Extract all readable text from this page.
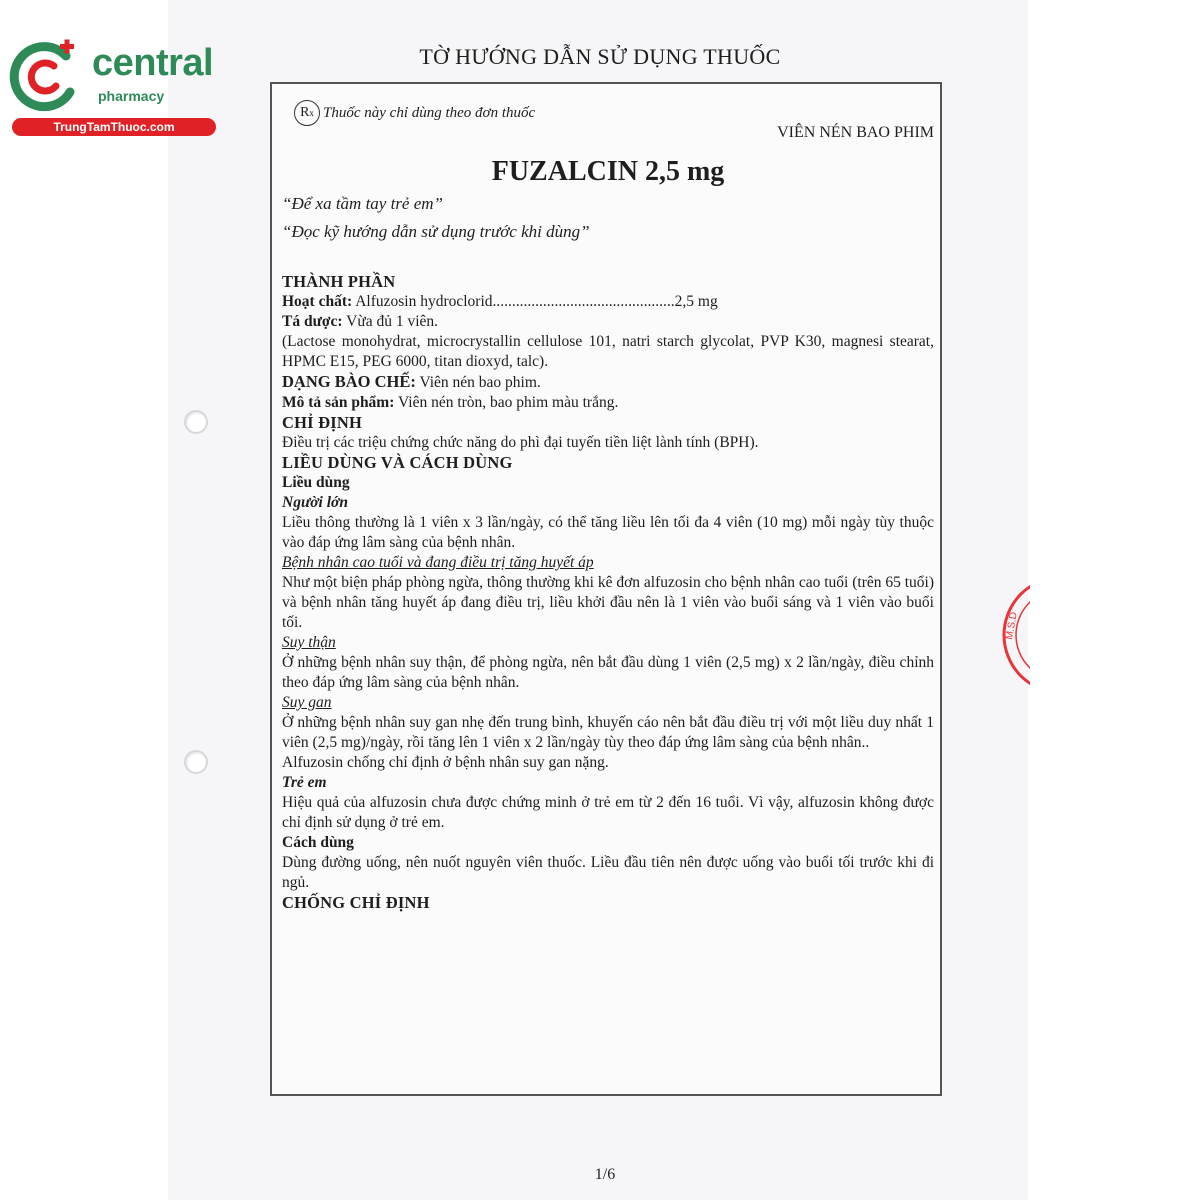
central
pharmacy
TrungTamThuoc.com
TỜ HƯỚNG DẪN SỬ DỤNG THUỐC
M.S.D
R x Thuốc này chỉ dùng theo đơn thuốc
VIÊN NÉN BAO PHIM
FUZALCIN 2,5 mg
“Để xa tầm tay trẻ em”
“Đọc kỹ hướng dẫn sử dụng trước khi dùng”

THÀNH PHẦN

Hoạt chất: Alfuzosin hydroclorid...............................................2,5 mg

Tá dược: Vừa đủ 1 viên.

(Lactose monohydrat, microcrystallin cellulose 101, natri starch glycolat, PVP K30, magnesi stearat, HPMC E15, PEG 6000, titan dioxyd, talc).

DẠNG BÀO CHẾ: Viên nén bao phim.

Mô tả sản phẩm: Viên nén tròn, bao phim màu trắng.

CHỈ ĐỊNH

Điều trị các triệu chứng chức năng do phì đại tuyến tiền liệt lành tính (BPH).

LIỀU DÙNG VÀ CÁCH DÙNG

Liều dùng

Người lớn

Liều thông thường là 1 viên x 3 lần/ngày, có thể tăng liều lên tối đa 4 viên (10 mg) mỗi ngày tùy thuộc vào đáp ứng lâm sàng của bệnh nhân.

Bệnh nhân cao tuổi và đang điều trị tăng huyết áp

Như một biện pháp phòng ngừa, thông thường khi kê đơn alfuzosin cho bệnh nhân cao tuổi (trên 65 tuổi) và bệnh nhân tăng huyết áp đang điều trị, liều khởi đầu nên là 1 viên vào buổi sáng và 1 viên vào buổi tối.

Suy thận

Ở những bệnh nhân suy thận, để phòng ngừa, nên bắt đầu dùng 1 viên (2,5 mg) x 2 lần/ngày, điều chỉnh theo đáp ứng lâm sàng của bệnh nhân.

Suy gan

Ở những bệnh nhân suy gan nhẹ đến trung bình, khuyến cáo nên bắt đầu điều trị với một liều duy nhất 1 viên (2,5 mg)/ngày, rồi tăng lên 1 viên x 2 lần/ngày tùy theo đáp ứng lâm sàng của bệnh nhân..

Alfuzosin chống chỉ định ở bệnh nhân suy gan nặng.

Trẻ em

Hiệu quả của alfuzosin chưa được chứng minh ở trẻ em từ 2 đến 16 tuổi. Vì vậy, alfuzosin không được chỉ định sử dụng ở trẻ em.

Cách dùng

Dùng đường uống, nên nuốt nguyên viên thuốc. Liều đầu tiên nên được uống vào buổi tối trước khi đi ngủ.

CHỐNG CHỈ ĐỊNH

1/6
